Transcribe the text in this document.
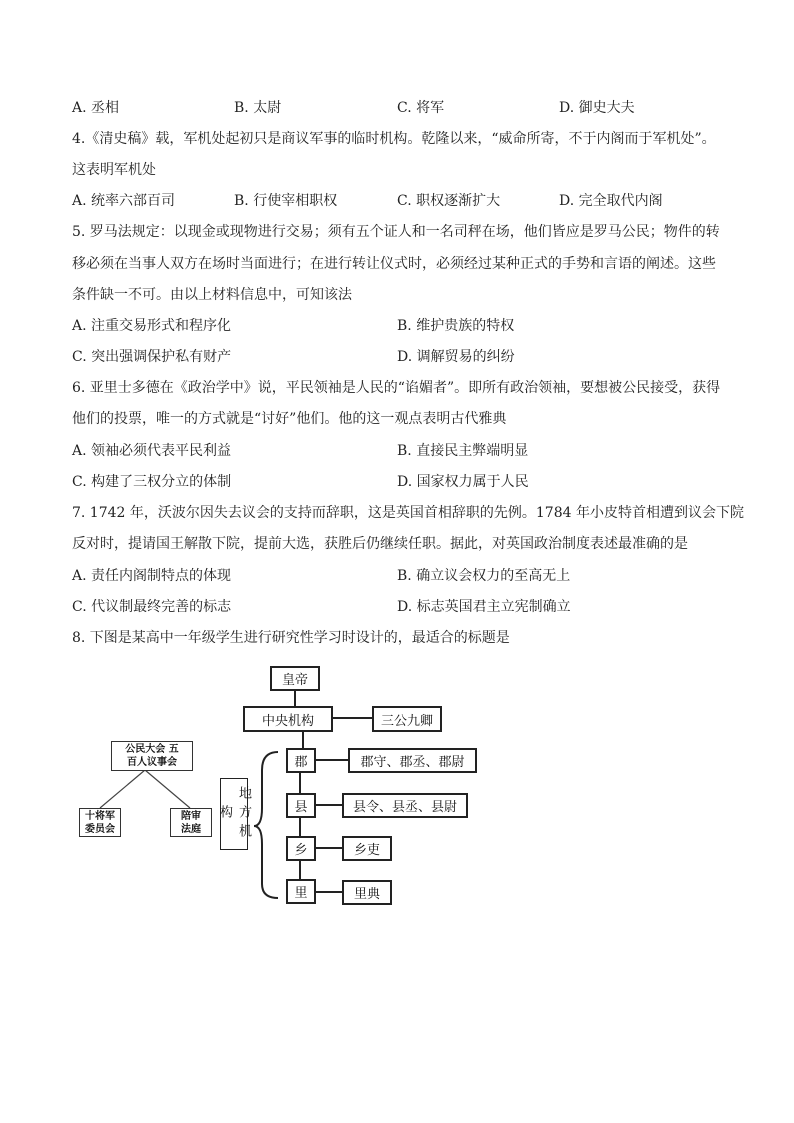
A. 丞相	B. 太尉	C. 将军	D. 御史大夫
4.《清史稿》载，军机处起初只是商议军事的临时机构。乾隆以来，“威命所寄，不于内阁而于军机处”。
这表明军机处
A. 统率六部百司	B. 行使宰相职权	C. 职权逐渐扩大	D. 完全取代内阁
5. 罗马法规定：以现金或现物进行交易；须有五个证人和一名司秤在场，他们皆应是罗马公民；物件的转
移必须在当事人双方在场时当面进行；在进行转让仪式时，必须经过某种正式的手势和言语的阐述。这些
条件缺一不可。由以上材料信息中，可知该法
A. 注重交易形式和程序化	B. 维护贵族的特权
C. 突出强调保护私有财产	D. 调解贸易的纠纷
6. 亚里士多德在《政治学中》说，平民领袖是人民的“谄媚者”。即所有政治领袖，要想被公民接受，获得
他们的投票，唯一的方式就是“讨好”他们。他的这一观点表明古代雅典
A. 领袖必须代表平民利益	B. 直接民主弊端明显
C. 构建了三权分立的体制	D. 国家权力属于人民
7. 1742 年，沃波尔因失去议会的支持而辞职，这是英国首相辞职的先例。1784 年小皮特首相遭到议会下院
反对时，提请国王解散下院，提前大选，获胜后仍继续任职。据此，对英国政治制度表述最准确的是
A. 责任内阁制特点的体现	B. 确立议会权力的至高无上
C. 代议制最终完善的标志	D. 标志英国君主立宪制确立
8. 下图是某高中一年级学生进行研究性学习时设计的，最适合的标题是
公民大会 五百人议事会
十将军 委员会
陪审 法庭
皇帝
中央机构	三公九卿
地方机构
郡	郡守、郡丞、郡尉
县	县令、县丞、县尉
乡	乡吏
里	里典
